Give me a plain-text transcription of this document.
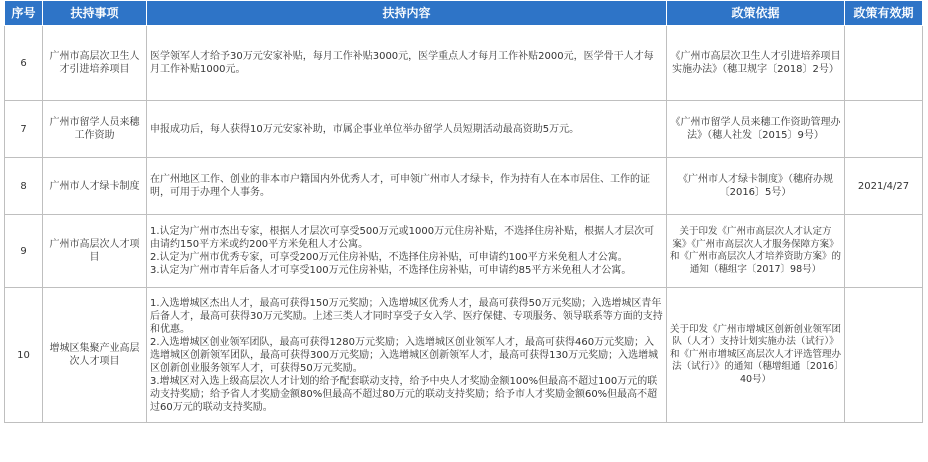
序号	扶持事项	扶持内容	政策依据	政策有效期
6	广州市高层次卫生人才引进培养项目	医学领军人才给予30万元安家补贴，每月工作补贴3000元，医学重点人才每月工作补贴2000元，医学骨干人才每月工作补贴1000元。	《广州市高层次卫生人才引进培养项目实施办法》（穗卫规字〔2018〕2号）	
7	广州市留学人员来穗工作资助	申报成功后，每人获得10万元安家补助，市属企事业单位举办留学人员短期活动最高资助5万元。	《广州市留学人员来穗工作资助管理办法》（穗人社发〔2015〕9号）	
8	广州市人才绿卡制度	在广州地区工作、创业的非本市户籍国内外优秀人才，可申领广州市人才绿卡，作为持有人在本市居住、工作的证明，可用于办理个人事务。	《广州市人才绿卡制度》（穗府办规〔2016〕5号）	2021/4/27
9	广州市高层次人才项目	1.认定为广州市杰出专家，根据人才层次可享受500万元或1000万元住房补贴，不选择住房补贴，根据人才层次可由请约150平方米或约200平方米免租人才公寓。

2.认定为广州市优秀专家，可享受200万元住房补贴，不选择住房补贴，可申请约100平方米免租人才公寓。

3.认定为广州市青年后备人才可享受100万元住房补贴，不选择住房补贴，可申请约85平方米免租人才公寓。	关于印发《广州市高层次人才认定方案》《广州市高层次人才服务保障方案》和《广州市高层次人才培养资助方案》的通知（穗组字〔2017〕98号）	
10	增城区集聚产业高层次人才项目	1.入选增城区杰出人才，最高可获得150万元奖励；入选增城区优秀人才，最高可获得50万元奖励；入选增城区青年后备人才，最高可获得30万元奖励。上述三类人才同时享受子女入学、医疗保健、专项服务、领导联系等方面的支持和优惠。

2.入选增城区创业领军团队，最高可获得1280万元奖励；入选增城区创业领军人才，最高可获得460万元奖励；入选增城区创新领军团队，最高可获得300万元奖励；入选增城区创新领军人才，最高可获得130万元奖励；入选增城区创新创业服务领军人才，可获得50万元奖励。

3.增城区对入选上级高层次人才计划的给予配套联动支持，给予中央人才奖励金额100%但最高不超过100万元的联动支持奖励；给予省人才奖励金额80%但最高不超过80万元的联动支持奖励；给予市人才奖励金额60%但最高不超过60万元的联动支持奖励。	关于印发《广州市增城区创新创业领军团队（人才）支持计划实施办法（试行）》和《广州市增城区高层次人才评选管理办法（试行）》的通知（穗增组通〔2016〕40号）	
